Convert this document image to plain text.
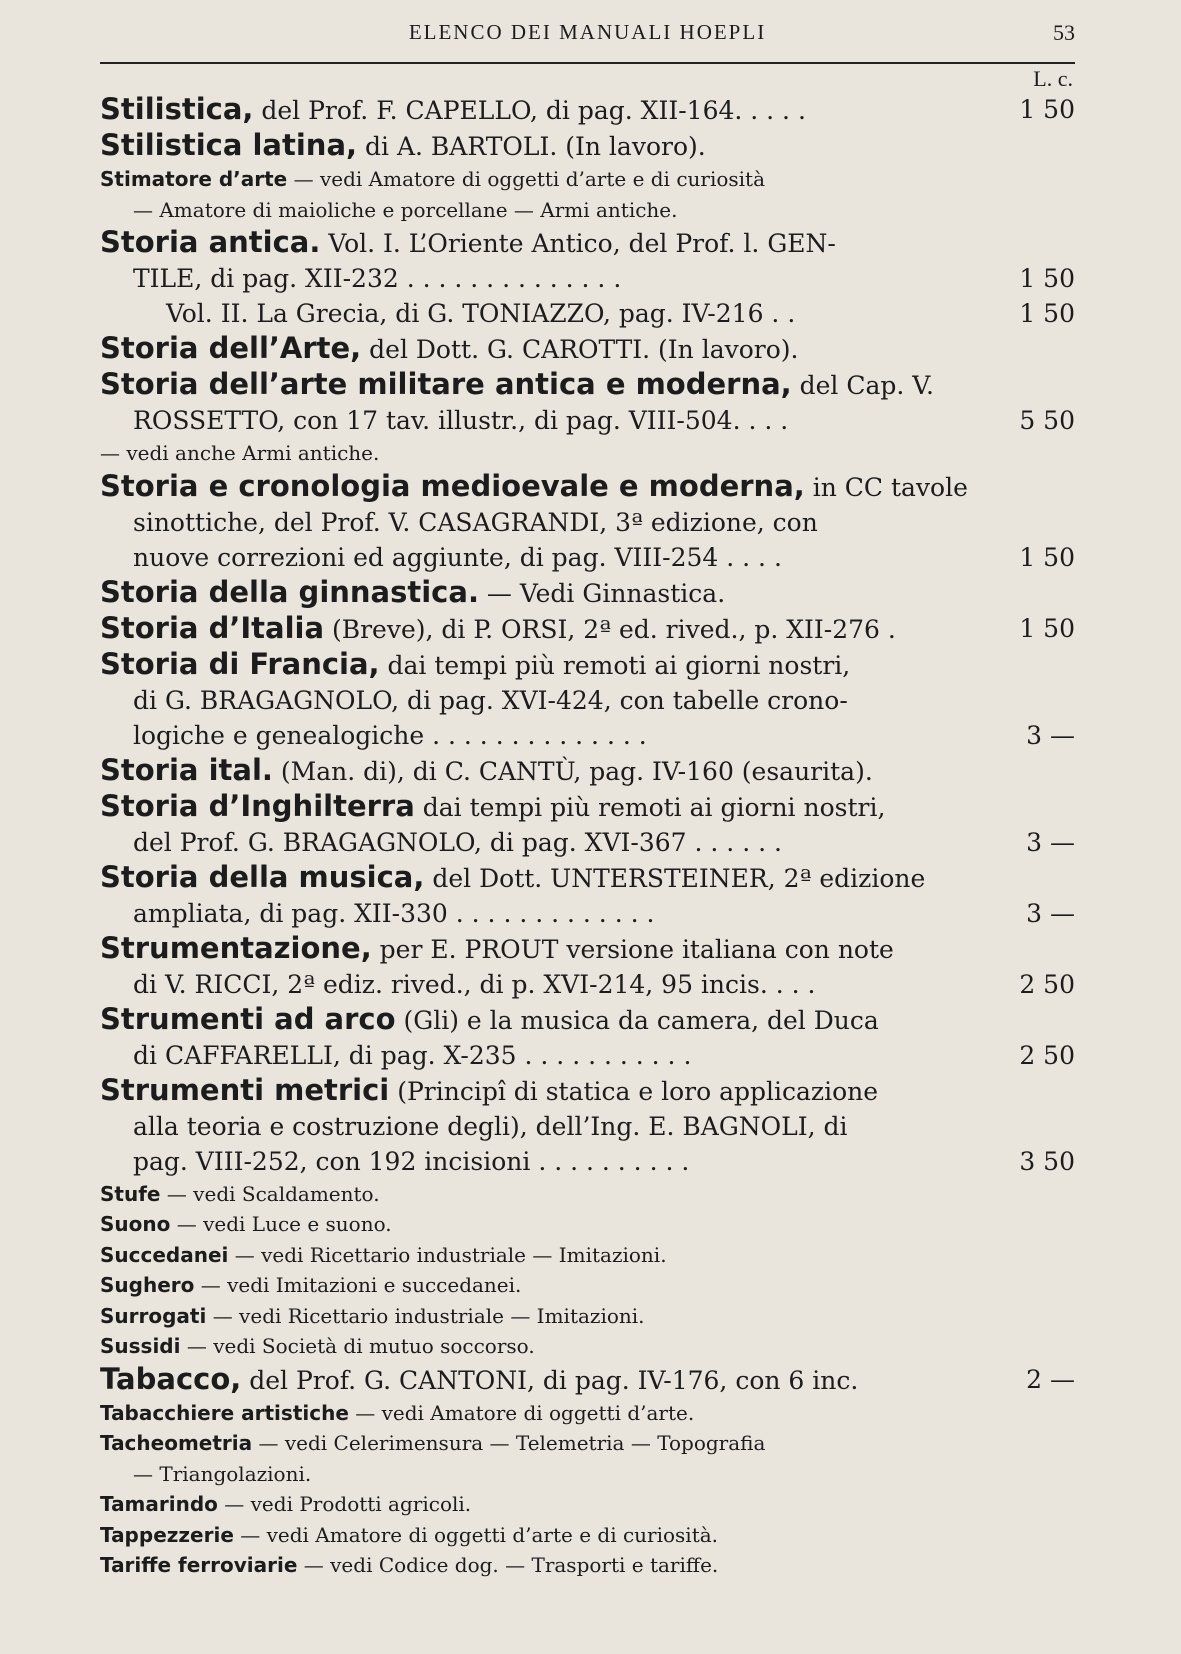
ELENCO DEI MANUALI HOEPLI	53
L. c.
Stilistica, del Prof. F. CAPELLO, di pag. XII-164. . . . .	1 50
Stilistica latina, di A. BARTOLI. (In lavoro).
Stimatore d’arte — vedi Amatore di oggetti d’arte e di curiosità
— Amatore di maioliche e porcellane — Armi antiche.
Storia antica. Vol. I. L’Oriente Antico, del Prof. l. GEN-
TILE, di pag. XII-232 . . . . . . . . . . . . . .	1 50
Vol. II. La Grecia, di G. TONIAZZO, pag. IV-216 . .	1 50
Storia dell’Arte, del Dott. G. CAROTTI. (In lavoro).
Storia dell’arte militare antica e moderna, del Cap. V.
ROSSETTO, con 17 tav. illustr., di pag. VIII-504. . . .	5 50
— vedi anche Armi antiche.
Storia e cronologia medioevale e moderna, in CC tavole
sinottiche, del Prof. V. CASAGRANDI, 3ª edizione, con
nuove correzioni ed aggiunte, di pag. VIII-254 . . . .	1 50
Storia della ginnastica. — Vedi Ginnastica.
Storia d’Italia (Breve), di P. ORSI, 2ª ed. rived., p. XII-276 .	1 50
Storia di Francia, dai tempi più remoti ai giorni nostri,
di G. BRAGAGNOLO, di pag. XVI-424, con tabelle crono-
logiche e genealogiche . . . . . . . . . . . . . .	3 —
Storia ital. (Man. di), di C. CANTÙ, pag. IV-160 (esaurita).
Storia d’Inghilterra dai tempi più remoti ai giorni nostri,
del Prof. G. BRAGAGNOLO, di pag. XVI-367 . . . . . .	3 —
Storia della musica, del Dott. UNTERSTEINER, 2ª edizione
ampliata, di pag. XII-330 . . . . . . . . . . . . .	3 —
Strumentazione, per E. PROUT versione italiana con note
di V. RICCI, 2ª ediz. rived., di p. XVI-214, 95 incis. . . .	2 50
Strumenti ad arco (Gli) e la musica da camera, del Duca
di CAFFARELLI, di pag. X-235 . . . . . . . . . . .	2 50
Strumenti metrici (Principî di statica e loro applicazione
alla teoria e costruzione degli), dell’Ing. E. BAGNOLI, di
pag. VIII-252, con 192 incisioni . . . . . . . . . .	3 50
Stufe — vedi Scaldamento.
Suono — vedi Luce e suono.
Succedanei — vedi Ricettario industriale — Imitazioni.
Sughero — vedi Imitazioni e succedanei.
Surrogati — vedi Ricettario industriale — Imitazioni.
Sussidi — vedi Società di mutuo soccorso.
Tabacco, del Prof. G. CANTONI, di pag. IV-176, con 6 inc.	2 —
Tabacchiere artistiche — vedi Amatore di oggetti d’arte.
Tacheometria — vedi Celerimensura — Telemetria — Topografia
— Triangolazioni.
Tamarindo — vedi Prodotti agricoli.
Tappezzerie — vedi Amatore di oggetti d’arte e di curiosità.
Tariffe ferroviarie — vedi Codice dog. — Trasporti e tariffe.
